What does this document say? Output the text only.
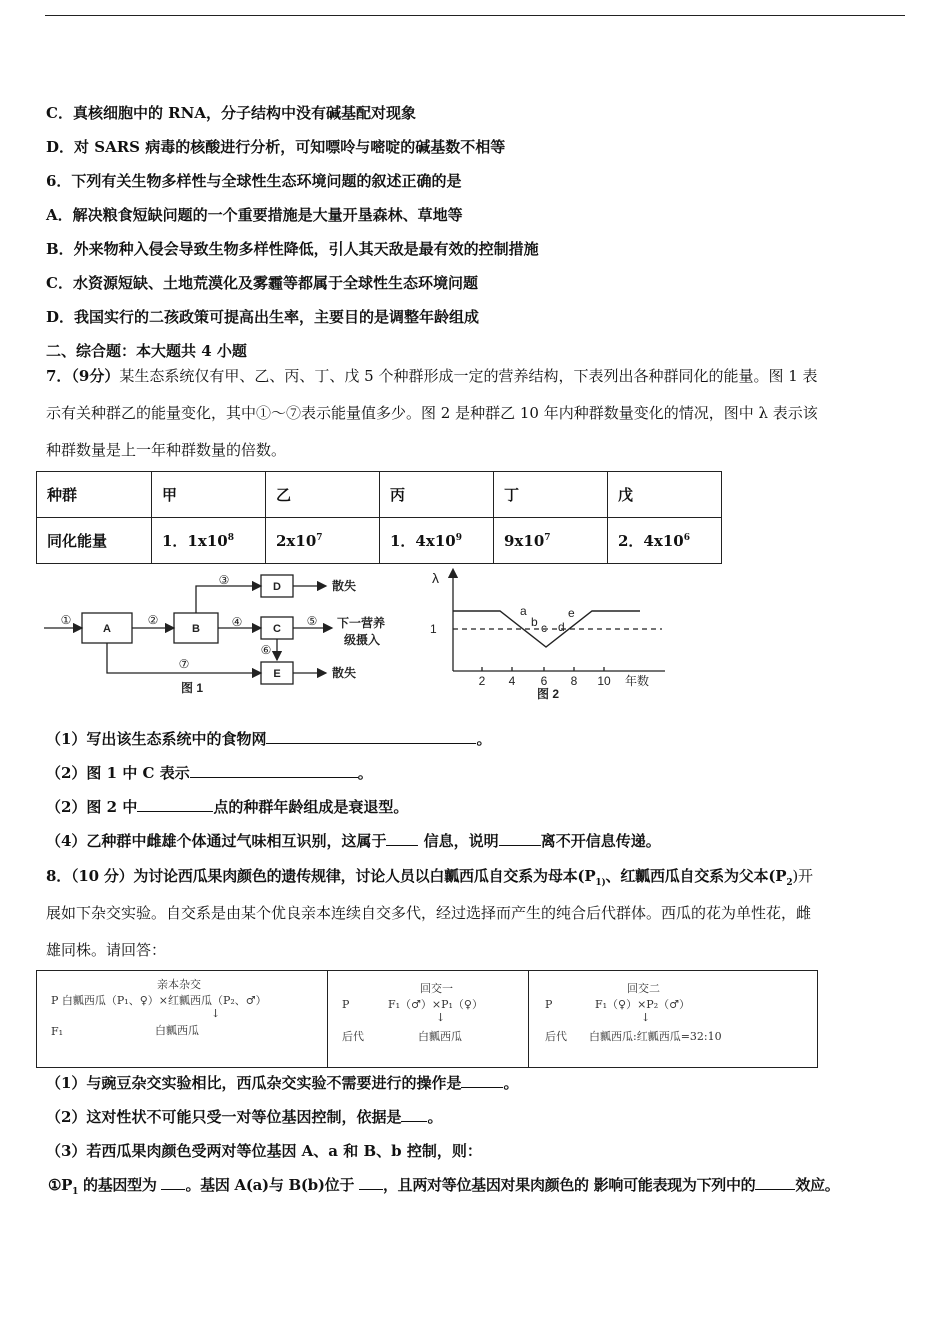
C．真核细胞中的 RNA，分子结构中没有碱基配对现象
D．对 SARS 病毒的核酸进行分析，可知嘌呤与嘧啶的碱基数不相等
6．下列有关生物多样性与全球性生态环境问题的叙述正确的是
A．解决粮食短缺问题的一个重要措施是大量开垦森林、草地等
B．外来物种入侵会导致生物多样性降低，引人其天敌是最有效的控制措施
C．水资源短缺、土地荒漠化及雾霾等都属于全球性生态环境问题
D．我国实行的二孩政策可提高出生率，主要目的是调整年龄组成
二、综合题：本大题共 4 小题
7．（9分）某生态系统仅有甲、乙、丙、丁、戊 5 个种群形成一定的营养结构，下表列出各种群同化的能量。图 1 表
示有关种群乙的能量变化，其中①～⑦表示能量值多少。图 2 是种群乙 10 年内种群数量变化的情况，图中 λ 表示该
种群数量是上一年种群数量的倍数。
种群	甲	乙	丙	丁	戊
同化能量	1．$1x10^8$	$2x10^7$	1．$4x10^9$	$9x10^7$	2．$4x10^6$
①	②
③
④	⑤
⑥
⑦
A	B	C
D
E
散失
散失
下一营养
级摄入
图 1
λ
1
a
b c d
e
2 4 6 8 10 年数
图 2
（1）写出该生态系统中的食物网	。
（2）图 1 中 C 表示	。
（2）图 2 中	点的种群年龄组成是衰退型。
（4）乙种群中雌雄个体通过气味相互识别，这属于 信息，说明	离不开信息传递。
8．（10 分）为讨论西瓜果肉颜色的遗传规律，讨论人员以白瓤西瓜自交系为母本($P_{1)}$、红瓤西瓜自交系为父本$(P_2)$开
展如下杂交实验。自交系是由某个优良亲本连续自交多代，经过选择而产生的纯合后代群体。西瓜的花为单性花，雌
雄同株。请回答：
亲本杂交
P 白瓤西瓜（P₁、♀）×红瓤西瓜（P₂、♂）
↓
F₁	白瓤西瓜
回交一
P	F₁（♂）×P₁（♀）
↓
后代	白瓤西瓜
回交二
P	F₁（♀）×P₂（♂）
↓
后代 白瓤西瓜:红瓤西瓜=32:10
（1）与豌豆杂交实验相比，西瓜杂交实验不需要进行的操作是	。
（2）这对性状不可能只受一对等位基因控制，依据是 。
（3）若西瓜果肉颜色受两对等位基因 A、a 和 B、b 控制，则：
$①P_1$ 的基因型为 。基因 A(a)与 B(b)位于 ，且两对等位基因对果肉颜色的 影响可能表现为下列中的	效应。
